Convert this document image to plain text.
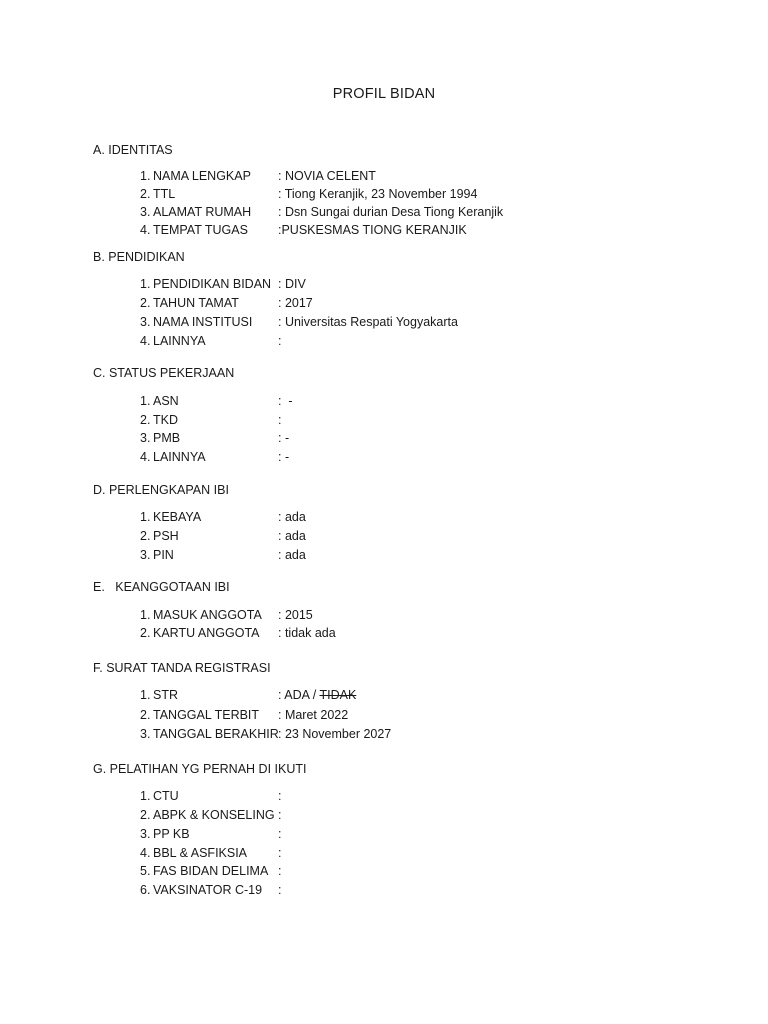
PROFIL BIDAN
A. IDENTITAS
1. NAMA LENGKAP : NOVIA CELENT
2. TTL	: Tiong Keranjik, 23 November 1994
3. ALAMAT RUMAH : Dsn Sungai durian Desa Tiong Keranjik
4. TEMPAT TUGAS :PUSKESMAS TIONG KERANJIK
B. PENDIDIKAN
1. PENDIDIKAN BIDAN : DIV
2. TAHUN TAMAT	: 2017
3. NAMA INSTITUSI : Universitas Respati Yogyakarta
4. LAINNYA	:
C. STATUS PEKERJAAN
1. ASN	:  -
2. TKD	:
3. PMB	: -
4. LAINNYA	: -
D. PERLENGKAPAN IBI
1. KEBAYA	: ada
2. PSH	: ada
3. PIN	: ada
E.   KEANGGOTAAN IBI
1. MASUK ANGGOTA : 2015
2. KARTU ANGGOTA : tidak ada
F. SURAT TANDA REGISTRASI
1. STR	: ADA / TIDAK
2. TANGGAL TERBIT : Maret 2022
3. TANGGAL BERAKHIR : 23 November 2027
G. PELATIHAN YG PERNAH DI IKUTI
1. CTU	:
2. ABPK & KONSELING :
3. PP KB	:
4. BBL & ASFIKSIA :
5. FAS BIDAN DELIMA :
6. VAKSINATOR C-19 :
